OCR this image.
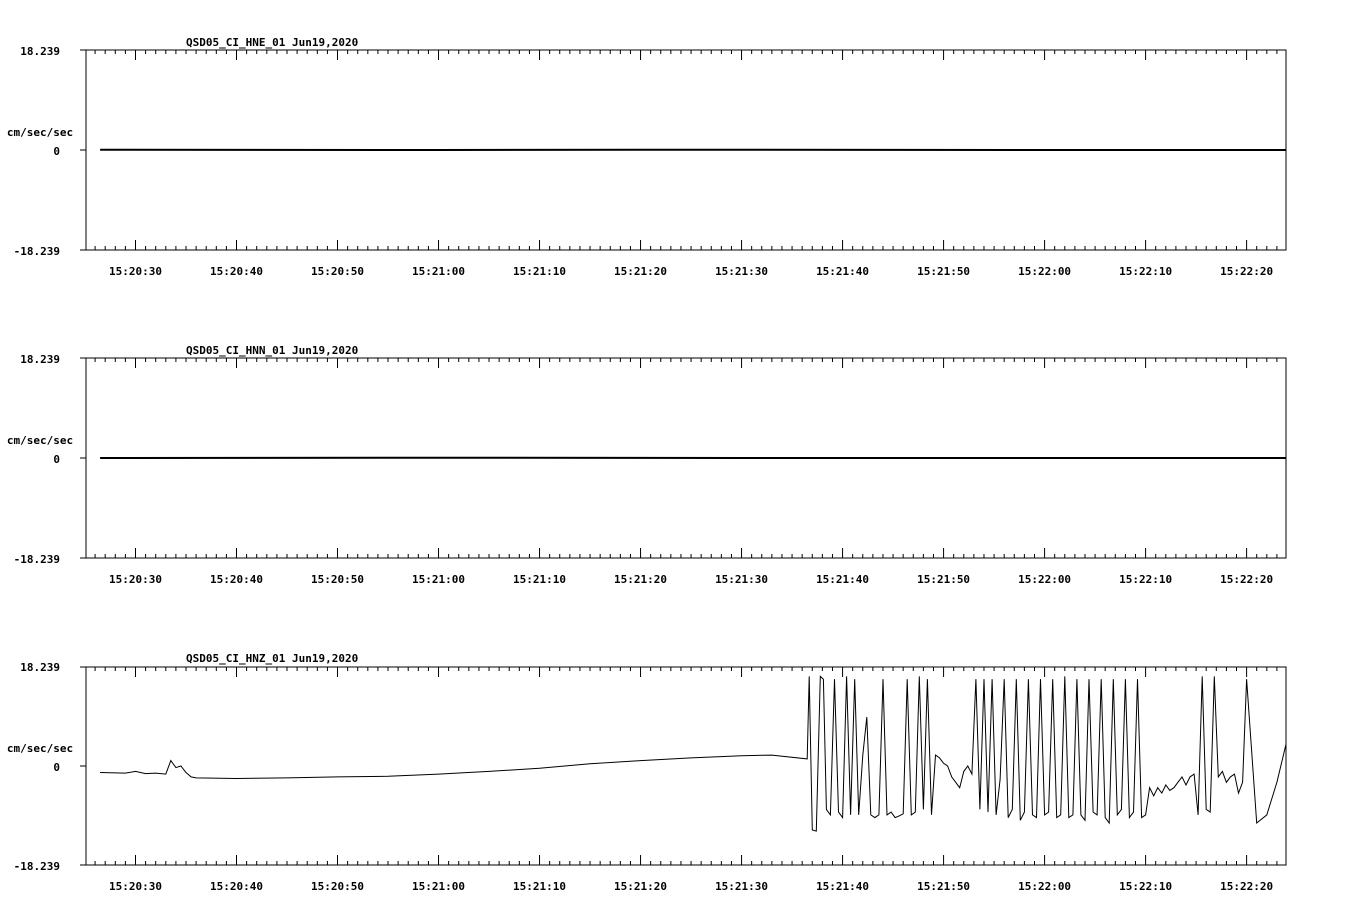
QSD05_CI_HNE_01 Jun19,2020
18.239
cm/sec/sec
0
-18.239
15:20:30	15:20:40	15:20:50	15:21:00	15:21:10	15:21:20	15:21:30	15:21:40	15:21:50	15:22:00	15:22:10	15:22:20
QSD05_CI_HNN_01 Jun19,2020
18.239
cm/sec/sec
0
-18.239
15:20:30	15:20:40	15:20:50	15:21:00	15:21:10	15:21:20	15:21:30	15:21:40	15:21:50	15:22:00	15:22:10	15:22:20
QSD05_CI_HNZ_01 Jun19,2020
18.239
cm/sec/sec
0
-18.239
15:20:30	15:20:40	15:20:50	15:21:00	15:21:10	15:21:20	15:21:30	15:21:40	15:21:50	15:22:00	15:22:10	15:22:20
